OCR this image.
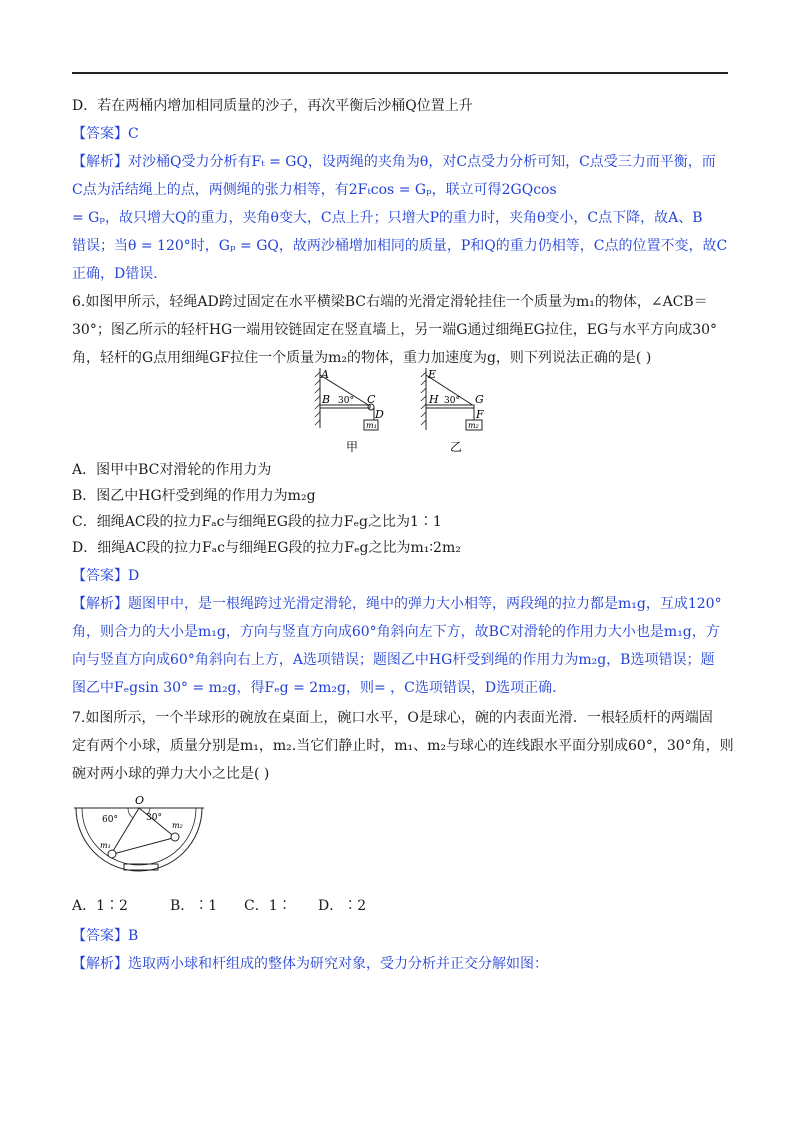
D．若在两桶内增加相同质量的沙子，再次平衡后沙桶Q位置上升
【答案】C
【解析】对沙桶Q受力分析有Fₜ = GQ，设两绳的夹角为θ，对C点受力分析可知，C点受三力而平衡，而
C点为活结绳上的点，两侧绳的张力相等，有2Fₜcos = Gₚ，联立可得2GQcos
= Gₚ，故只增大Q的重力，夹角θ变大，C点上升；只增大P的重力时，夹角θ变小，C点下降，故A、B
错误；当θ = 120°时，Gₚ = GQ，故两沙桶增加相同的质量，P和Q的重力仍相等，C点的位置不变，故C
正确，D错误．
6.如图甲所示，轻绳AD跨过固定在水平横梁BC右端的光滑定滑轮挂住一个质量为m₁的物体，∠ACB＝
30°；图乙所示的轻杆HG一端用铰链固定在竖直墙上，另一端G通过细绳EG拉住，EG与水平方向成30°
角，轻杆的G点用细绳GF拉住一个质量为m₂的物体，重力加速度为g，则下列说法正确的是( )
A
B 30° C
D
m₁
甲
E
H 30° G
F
m₂
乙
A．图甲中BC对滑轮的作用力为
B．图乙中HG杆受到绳的作用力为m₂g
C．细绳AC段的拉力Fₐc与细绳EG段的拉力Fₑg之比为1∶1
D．细绳AC段的拉力Fₐc与细绳EG段的拉力Fₑg之比为m₁∶2m₂
【答案】D
【解析】题图甲中，是一根绳跨过光滑定滑轮，绳中的弹力大小相等，两段绳的拉力都是m₁g，互成120°
角，则合力的大小是m₁g，方向与竖直方向成60°角斜向左下方，故BC对滑轮的作用力大小也是m₁g，方
向与竖直方向成60°角斜向右上方，A选项错误；题图乙中HG杆受到绳的作用力为m₂g，B选项错误；题
图乙中Fₑgsin 30° = m₂g，得Fₑg = 2m₂g，则= ，C选项错误，D选项正确．
7.如图所示，一个半球形的碗放在桌面上，碗口水平，O是球心，碗的内表面光滑．一根轻质杆的两端固
定有两个小球，质量分别是m₁，m₂.当它们静止时，m₁、m₂与球心的连线跟水平面分别成60°，30°角，则
碗对两小球的弹力大小之比是( )
O
60°	30°
m₁
m₂
A．1∶2	B．∶1 C．1∶ D．∶2
【答案】B
【解析】选取两小球和杆组成的整体为研究对象，受力分析并正交分解如图：
